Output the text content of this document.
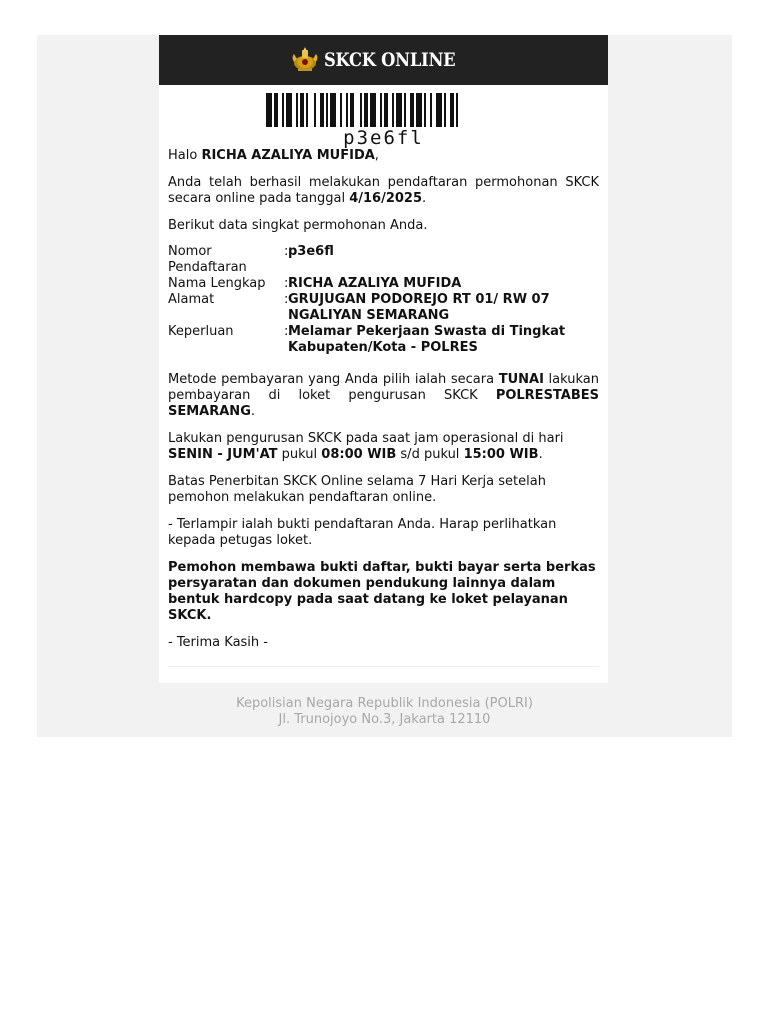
SKCK ONLINE
p3e6fl

Halo RICHA AZALIYA MUFIDA,

Anda telah berhasil melakukan pendaftaran permohonan SKCK secara online pada tanggal 4/16/2025.

Berikut data singkat permohonan Anda.

Nomor Pendaftaran
: p3e6fl
Nama Lengkap	: RICHA AZALIYA MUFIDA
Alamat	: GRUJUGAN PODOREJO RT 01/ RW 07 NGALIYAN SEMARANG
Keperluan	: Melamar Pekerjaan Swasta di Tingkat Kabupaten/Kota - POLRES

Metode pembayaran yang Anda pilih ialah secara TUNAI lakukan pembayaran di loket pengurusan SKCK POLRESTABES SEMARANG.

Lakukan pengurusan SKCK pada saat jam operasional di hari SENIN - JUM'AT pukul 08:00 WIB s/d pukul 15:00 WIB.

Batas Penerbitan SKCK Online selama 7 Hari Kerja setelah pemohon melakukan pendaftaran online.

- Terlampir ialah bukti pendaftaran Anda. Harap perlihatkan kepada petugas loket.

Pemohon membawa bukti daftar, bukti bayar serta berkas persyaratan dan dokumen pendukung lainnya dalam bentuk hardcopy pada saat datang ke loket pelayanan SKCK.

- Terima Kasih -

Kepolisian Negara Republik Indonesia (POLRI)
Jl. Trunojoyo No.3, Jakarta 12110
